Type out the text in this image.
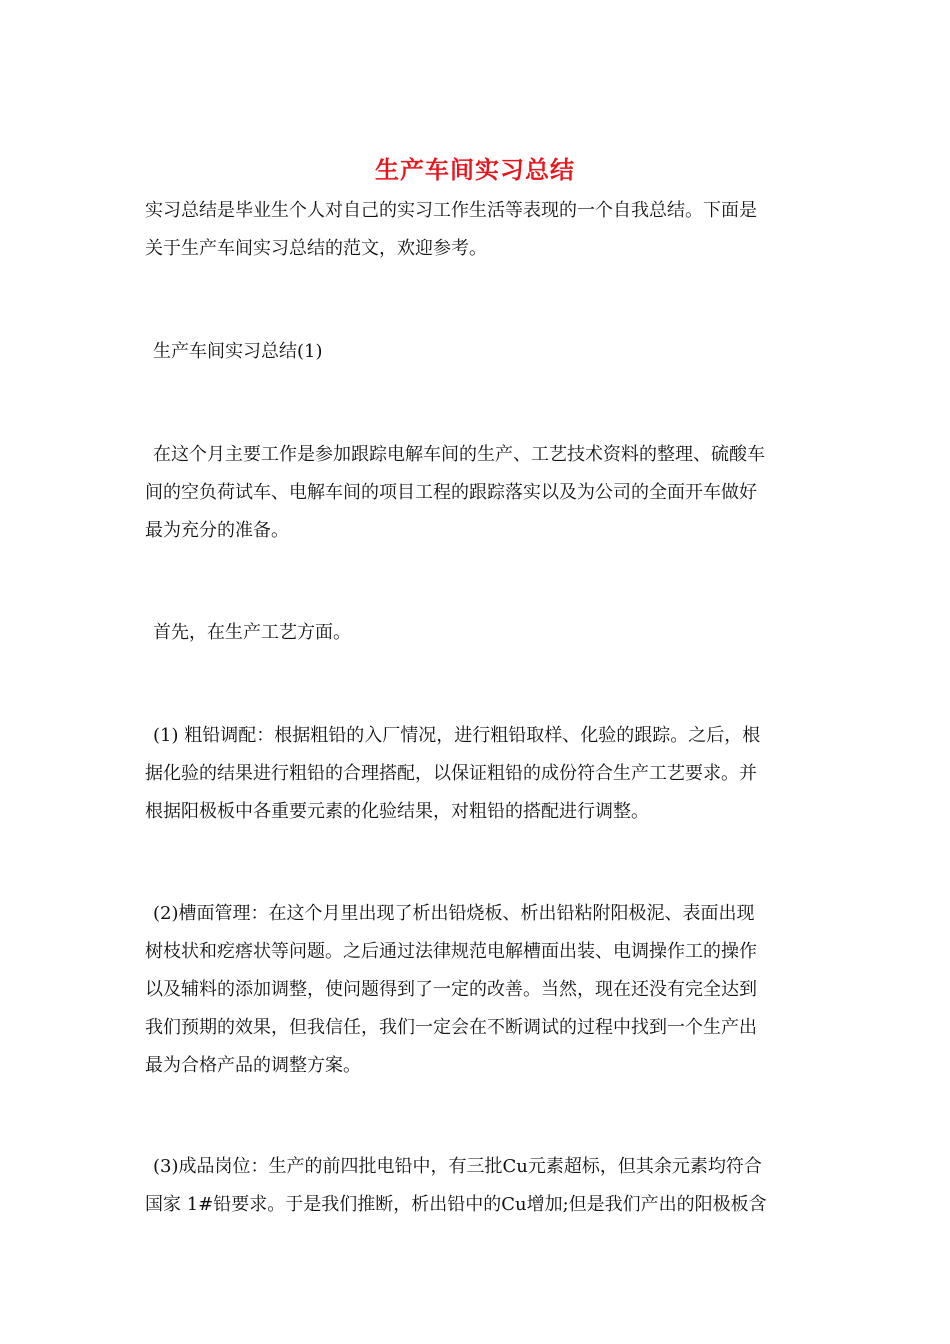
生产车间实习总结
实习总结是毕业生个人对自己的实习工作生活等表现的一个自我总结。下面是
关于生产车间实习总结的范文，欢迎参考。
生产车间实习总结(1)
在这个月主要工作是参加跟踪电解车间的生产、工艺技术资料的整理、硫酸车
间的空负荷试车、电解车间的项目工程的跟踪落实以及为公司的全面开车做好
最为充分的准备。
首先，在生产工艺方面。
(1) 粗铅调配：根据粗铅的入厂情况，进行粗铅取样、化验的跟踪。之后，根
据化验的结果进行粗铅的合理搭配，以保证粗铅的成份符合生产工艺要求。并
根据阳极板中各重要元素的化验结果，对粗铅的搭配进行调整。
(2)槽面管理：在这个月里出现了析出铅烧板、析出铅粘附阳极泥、表面出现
树枝状和疙瘩状等问题。之后通过法律规范电解槽面出装、电调操作工的操作
以及辅料的添加调整，使问题得到了一定的改善。当然，现在还没有完全达到
我们预期的效果，但我信任，我们一定会在不断调试的过程中找到一个生产出
最为合格产品的调整方案。
(3)成品岗位：生产的前四批电铅中，有三批Cu元素超标，但其余元素均符合
国家 1#铅要求。于是我们推断，析出铅中的Cu增加;但是我们产出的阳极板含
